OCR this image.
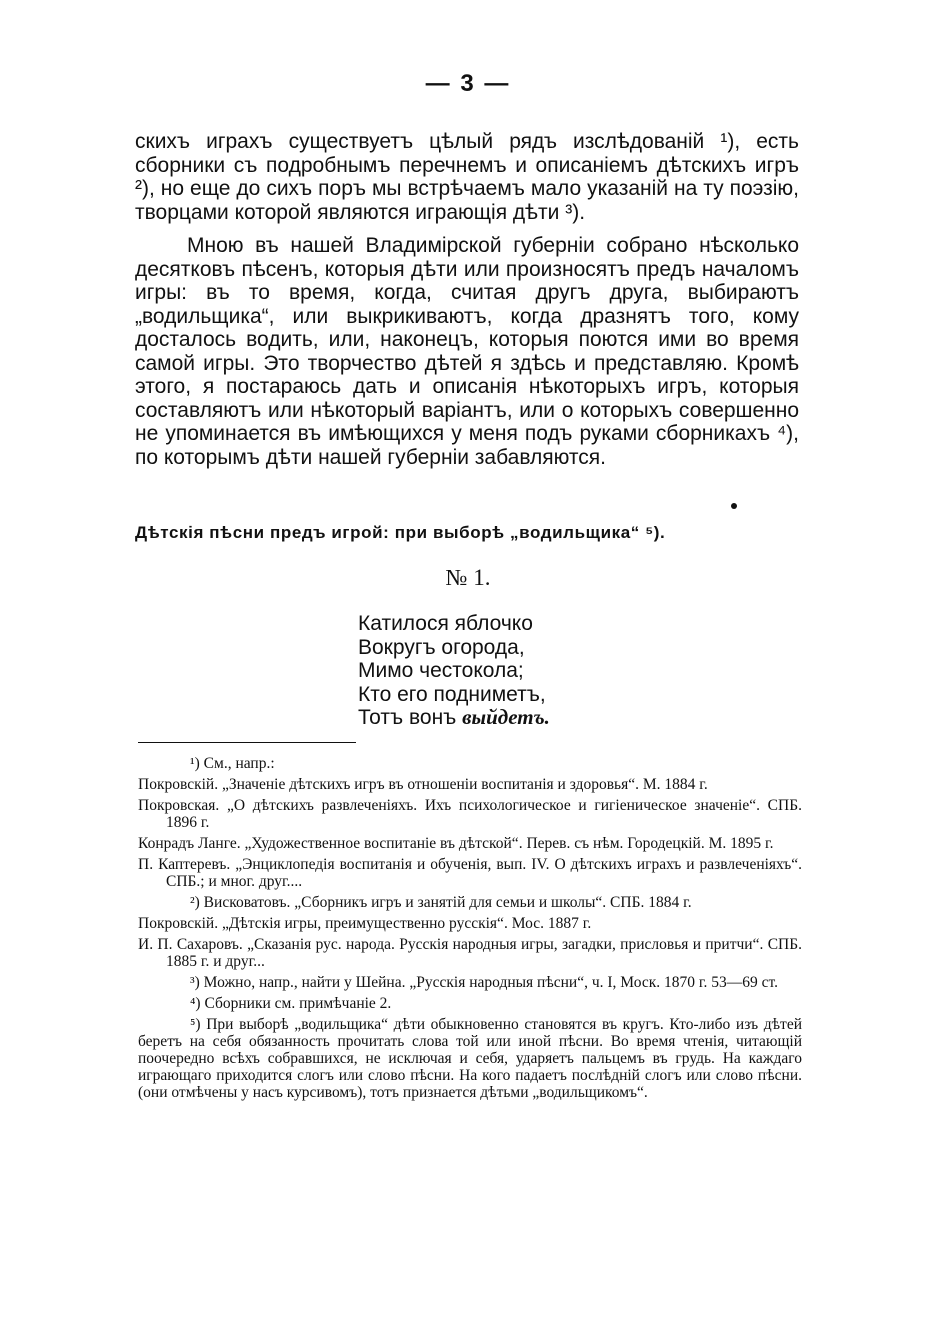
— 3 —

скихъ играхъ существуетъ цѣлый рядъ изслѣдованій ¹), есть сборники съ подробнымъ перечнемъ и описаніемъ дѣтскихъ игръ ²), но еще до сихъ поръ мы встрѣчаемъ мало указаній на ту поэзію, творцами которой являются играющія дѣти ³).

Мною въ нашей Владимірской губерніи собрано нѣсколько десятковъ пѣсенъ, которыя дѣти или произносятъ предъ началомъ игры: въ то время, когда, считая другъ друга, выбираютъ „водильщика“, или выкрикиваютъ, когда дразнятъ того, кому досталось водить, или, наконецъ, которыя поются ими во время самой игры. Это творчество дѣтей я здѣсь и представляю. Кромѣ этого, я постараюсь дать и описанія нѣкоторыхъ игръ, которыя составляютъ или нѣкоторый варіантъ, или о которыхъ совершенно не упоминается въ имѣющихся у меня подъ руками сборникахъ ⁴), по которымъ дѣти нашей губерніи забавляются.

Дѣтскія пѣсни предъ игрой: при выборѣ „водильщика“ ⁵).
№ 1.
Катилося яблочко
Вокругъ огорода,
Мимо честокола;
Кто его подниметъ,
Тотъ вонъ выйдетъ.

¹) См., напр.:

Покровскій. „Значеніе дѣтскихъ игръ въ отношеніи воспитанія и здоровья“. М. 1884 г.

Покровская. „О дѣтскихъ развлеченіяхъ. Ихъ психологическое и гигіеническое значеніе“. СПБ. 1896 г.

Конрадъ Ланге. „Художественное воспитаніе въ дѣтской“. Перев. съ нѣм. Городецкій. М. 1895 г.

П. Каптеревъ. „Энциклопедія воспитанія и обученія, вып. IV. О дѣтскихъ играхъ и развлеченіяхъ“. СПБ.; и мног. друг....

²) Висковатовъ. „Сборникъ игръ и занятій для семьи и школы“. СПБ. 1884 г.

Покровскій. „Дѣтскія игры, преимущественно русскія“. Мос. 1887 г.

И. П. Сахаровъ. „Сказанія рус. народа. Русскія народныя игры, загадки, присловья и притчи“. СПБ. 1885 г. и друг...

³) Можно, напр., найти у Шейна. „Русскія народныя пѣсни“, ч. I, Моск. 1870 г. 53—69 ст.

⁴) Сборники см. примѣчаніе 2.

⁵) При выборѣ „водильщика“ дѣти обыкновенно становятся въ кругъ. Кто-либо изъ дѣтей беретъ на себя обязанность прочитать слова той или иной пѣсни. Во время чтенія, читающій поочередно всѣхъ собравшихся, не исключая и себя, ударяетъ пальцемъ въ грудь. На каждаго играющаго приходится слогъ или слово пѣсни. На кого падаетъ послѣдній слогъ или слово пѣсни. (они отмѣчены у насъ курсивомъ), тотъ признается дѣтьми „водильщикомъ“.
